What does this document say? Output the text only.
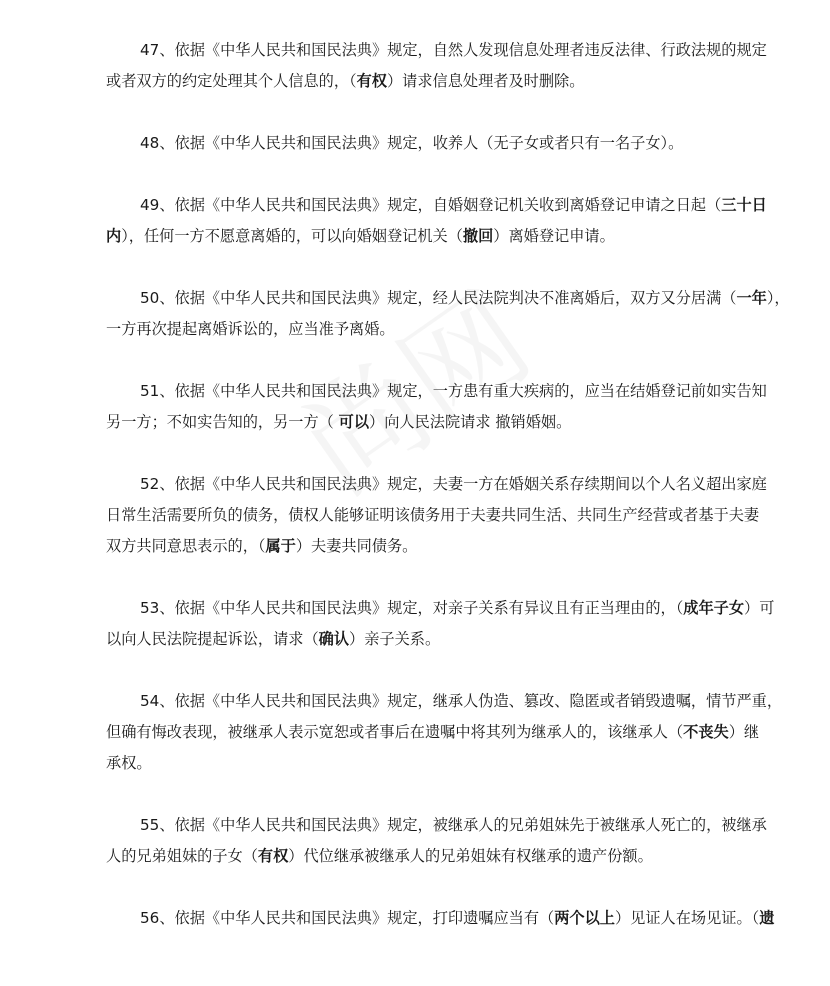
47、依据《中华人民共和国民法典》规定，自然人发现信息处理者违反法律、行政法规的规定
或者双方的约定处理其个人信息的，（有权）请求信息处理者及时删除。

48、依据《中华人民共和国民法典》规定，收养人（无子女或者只有一名子女）。

49、依据《中华人民共和国民法典》规定，自婚姻登记机关收到离婚登记申请之日起（三十日
内），任何一方不愿意离婚的，可以向婚姻登记机关（撤回）离婚登记申请。

50、依据《中华人民共和国民法典》规定，经人民法院判决不准离婚后，双方又分居满（一年），
一方再次提起离婚诉讼的，应当准予离婚。

51、依据《中华人民共和国民法典》规定，一方患有重大疾病的，应当在结婚登记前如实告知
另一方；不如实告知的，另一方（ 可以）向人民法院请求 撤销婚姻。

52、依据《中华人民共和国民法典》规定，夫妻一方在婚姻关系存续期间以个人名义超出家庭
日常生活需要所负的债务，债权人能够证明该债务用于夫妻共同生活、共同生产经营或者基于夫妻
双方共同意思表示的，（属于）夫妻共同债务。

53、依据《中华人民共和国民法典》规定，对亲子关系有异议且有正当理由的，（成年子女）可
以向人民法院提起诉讼，请求（确认）亲子关系。

54、依据《中华人民共和国民法典》规定，继承人伪造、篡改、隐匿或者销毁遗嘱，情节严重，
但确有悔改表现，被继承人表示宽恕或者事后在遗嘱中将其列为继承人的，该继承人（不丧失）继
承权。

55、依据《中华人民共和国民法典》规定，被继承人的兄弟姐妹先于被继承人死亡的，被继承
人的兄弟姐妹的子女（有权）代位继承被继承人的兄弟姐妹有权继承的遗产份额。

56、依据《中华人民共和国民法典》规定，打印遗嘱应当有（两个以上）见证人在场见证。（遗
